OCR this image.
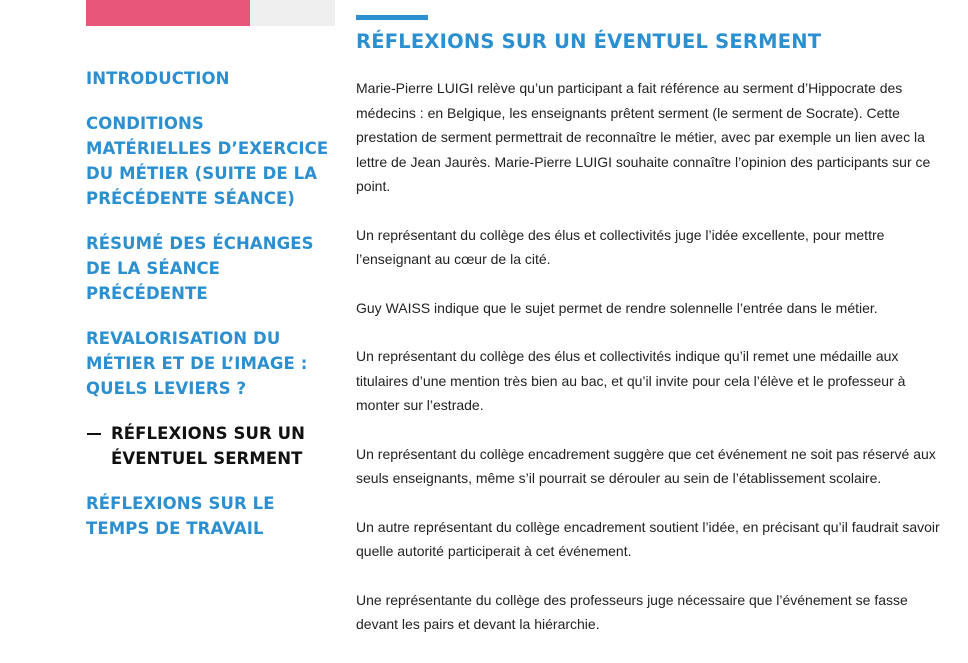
INTRODUCTION
CONDITIONS MATÉRIELLES D’EXERCICE DU MÉTIER (SUITE DE LA PRÉCÉDENTE SÉANCE)
RÉSUMÉ DES ÉCHANGES DE LA SÉANCE PRÉCÉDENTE
REVALORISATION DU MÉTIER ET DE L’IMAGE : QUELS LEVIERS ?
RÉFLEXIONS SUR UN ÉVENTUEL SERMENT
RÉFLEXIONS SUR LE TEMPS DE TRAVAIL
RÉFLEXIONS SUR UN ÉVENTUEL SERMENT

Marie-Pierre LUIGI relève qu’un participant a fait référence au serment d’Hippocrate des médecins : en Belgique, les enseignants prêtent serment (le serment de Socrate). Cette prestation de serment permettrait de reconnaître le métier, avec par exemple un lien avec la lettre de Jean Jaurès. Marie-Pierre LUIGI souhaite connaître l’opinion des participants sur ce point.

Un représentant du collège des élus et collectivités juge l’idée excellente, pour mettre l’enseignant au cœur de la cité.

Guy WAISS indique que le sujet permet de rendre solennelle l’entrée dans le métier.

Un représentant du collège des élus et collectivités indique qu’il remet une médaille aux titulaires d’une mention très bien au bac, et qu’il invite pour cela l’élève et le professeur à monter sur l’estrade.

Un représentant du collège encadrement suggère que cet événement ne soit pas réservé aux seuls enseignants, même s’il pourrait se dérouler au sein de l’établissement scolaire.

Un autre représentant du collège encadrement soutient l’idée, en précisant qu’il faudrait savoir quelle autorité participerait à cet événement.

Une représentante du collège des professeurs juge nécessaire que l’événement se fasse devant les pairs et devant la hiérarchie.
